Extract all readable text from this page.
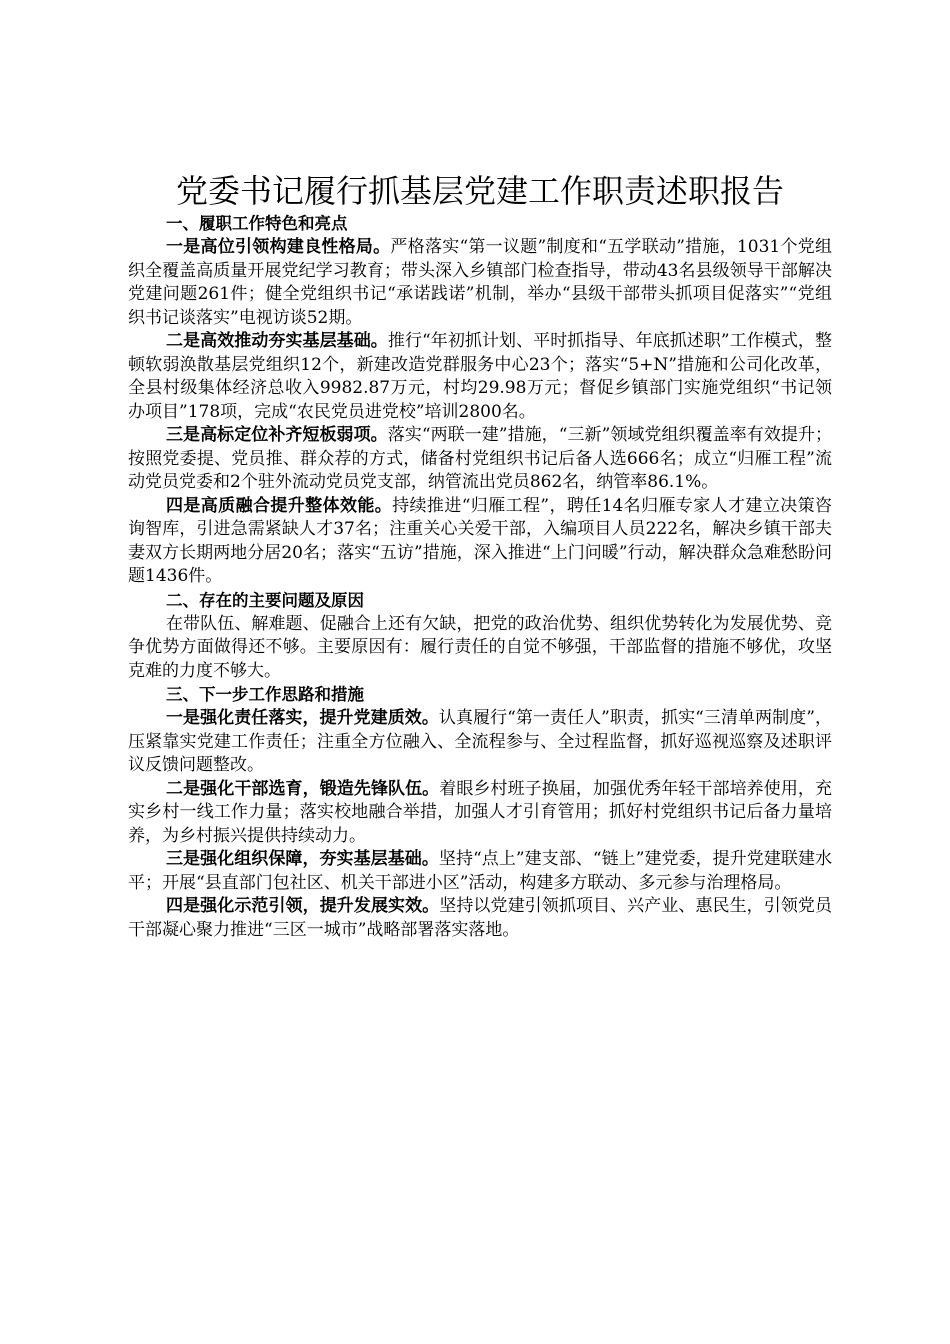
党委书记履行抓基层党建工作职责述职报告

一、履职工作特色和亮点

一是高位引领构建良性格局。严格落实“第一议题”制度和“五学联动”措施，1031个党组织全覆盖高质量开展党纪学习教育；带头深入乡镇部门检查指导，带动43名县级领导干部解决党建问题261件；健全党组织书记“承诺践诺”机制，举办“县级干部带头抓项目促落实”“党组织书记谈落实”电视访谈52期。

二是高效推动夯实基层基础。推行“年初抓计划、平时抓指导、年底抓述职”工作模式，整顿软弱涣散基层党组织12个，新建改造党群服务中心23个；落实“5+N”措施和公司化改革，全县村级集体经济总收入9982.87万元，村均29.98万元；督促乡镇部门实施党组织“书记领办项目”178项，完成“农民党员进党校”培训2800名。

三是高标定位补齐短板弱项。落实“两联一建”措施，“三新”领域党组织覆盖率有效提升；按照党委提、党员推、群众荐的方式，储备村党组织书记后备人选666名；成立“归雁工程”流动党员党委和2个驻外流动党员党支部，纳管流出党员862名，纳管率86.1%。

四是高质融合提升整体效能。持续推进“归雁工程”，聘任14名归雁专家人才建立决策咨询智库，引进急需紧缺人才37名；注重关心关爱干部，入编项目人员222名，解决乡镇干部夫妻双方长期两地分居20名；落实“五访”措施，深入推进“上门问暖”行动，解决群众急难愁盼问题1436件。

二、存在的主要问题及原因

在带队伍、解难题、促融合上还有欠缺，把党的政治优势、组织优势转化为发展优势、竞争优势方面做得还不够。主要原因有：履行责任的自觉不够强，干部监督的措施不够优，攻坚克难的力度不够大。

三、下一步工作思路和措施

一是强化责任落实，提升党建质效。认真履行“第一责任人”职责，抓实“三清单两制度”，压紧靠实党建工作责任；注重全方位融入、全流程参与、全过程监督，抓好巡视巡察及述职评议反馈问题整改。

二是强化干部选育，锻造先锋队伍。着眼乡村班子换届，加强优秀年轻干部培养使用，充实乡村一线工作力量；落实校地融合举措，加强人才引育管用；抓好村党组织书记后备力量培养，为乡村振兴提供持续动力。

三是强化组织保障，夯实基层基础。坚持“点上”建支部、“链上”建党委，提升党建联建水平；开展“县直部门包社区、机关干部进小区”活动，构建多方联动、多元参与治理格局。

四是强化示范引领，提升发展实效。坚持以党建引领抓项目、兴产业、惠民生，引领党员干部凝心聚力推进“三区一城市”战略部署落实落地。
